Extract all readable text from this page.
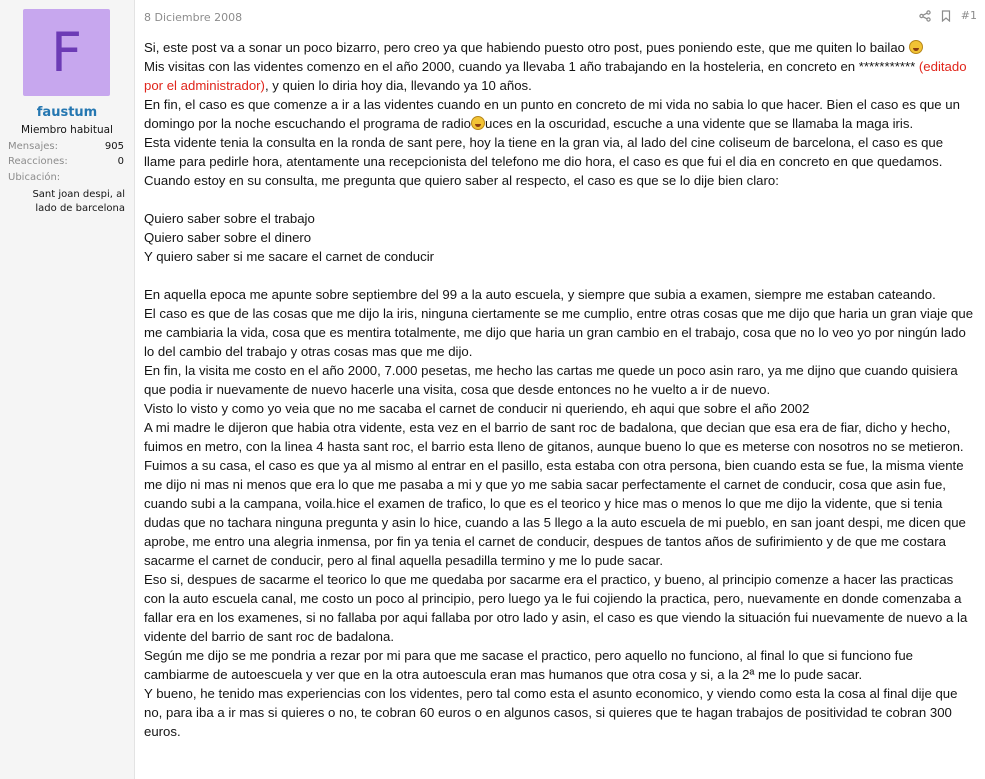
F
faustum
Miembro habitual
Mensajes:	905
Reacciones:	0
Ubicación:
Sant joan despi, al lado de barcelona
8 Diciembre 2008	#1

Si, este post va a sonar un poco bizarro, pero creo ya que habiendo puesto otro post, pues poniendo este, que me quiten lo bailao

Mis visitas con las videntes comenzo en el año 2000, cuando ya llevaba 1 año trabajando en la hosteleria, en concreto en *********** (editado por el administrador), y quien lo diria hoy dia, llevando ya 10 años.

En fin, el caso es que comenze a ir a las videntes cuando en un punto en concreto de mi vida no sabia lo que hacer. Bien el caso es que un domingo por la noche escuchando el programa de radio uces en la oscuridad, escuche a una vidente que se llamaba la maga iris.

Esta vidente tenia la consulta en la ronda de sant pere, hoy la tiene en la gran via, al lado del cine coliseum de barcelona, el caso es que llame para pedirle hora, atentamente una recepcionista del telefono me dio hora, el caso es que fui el dia en concreto en que quedamos.

Cuando estoy en su consulta, me pregunta que quiero saber al respecto, el caso es que se lo dije bien claro:

Quiero saber sobre el trabajo

Quiero saber sobre el dinero

Y quiero saber si me sacare el carnet de conducir

En aquella epoca me apunte sobre septiembre del 99 a la auto escuela, y siempre que subia a examen, siempre me estaban cateando.

El caso es que de las cosas que me dijo la iris, ninguna ciertamente se me cumplio, entre otras cosas que me dijo que haria un gran viaje que me cambiaria la vida, cosa que es mentira totalmente, me dijo que haria un gran cambio en el trabajo, cosa que no lo veo yo por ningún lado lo del cambio del trabajo y otras cosas mas que me dijo.

En fin, la visita me costo en el año 2000, 7.000 pesetas, me hecho las cartas me quede un poco asin raro, ya me dijno que cuando quisiera que podia ir nuevamente de nuevo hacerle una visita, cosa que desde entonces no he vuelto a ir de nuevo.

Visto lo visto y como yo veia que no me sacaba el carnet de conducir ni queriendo, eh aqui que sobre el año 2002

A mi madre le dijeron que habia otra vidente, esta vez en el barrio de sant roc de badalona, que decian que esa era de fiar, dicho y hecho, fuimos en metro, con la linea 4 hasta sant roc, el barrio esta lleno de gitanos, aunque bueno lo que es meterse con nosotros no se metieron.

Fuimos a su casa, el caso es que ya al mismo al entrar en el pasillo, esta estaba con otra persona, bien cuando esta se fue, la misma viente me dijo ni mas ni menos que era lo que me pasaba a mi y que yo me sabia sacar perfectamente el carnet de conducir, cosa que asin fue, cuando subi a la campana, voila.hice el examen de trafico, lo que es el teorico y hice mas o menos lo que me dijo la vidente, que si tenia dudas que no tachara ninguna pregunta y asin lo hice, cuando a las 5 llego a la auto escuela de mi pueblo, en san joant despi, me dicen que aprobe, me entro una alegria inmensa, por fin ya tenia el carnet de conducir, despues de tantos años de sufirimiento y de que me costara sacarme el carnet de conducir, pero al final aquella pesadilla termino y me lo pude sacar.

Eso si, despues de sacarme el teorico lo que me quedaba por sacarme era el practico, y bueno, al principio comenze a hacer las practicas con la auto escuela canal, me costo un poco al principio, pero luego ya le fui cojiendo la practica, pero, nuevamente en donde comenzaba a fallar era en los examenes, si no fallaba por aqui fallaba por otro lado y asin, el caso es que viendo la situación fui nuevamente de nuevo a la vidente del barrio de sant roc de badalona.

Según me dijo se me pondria a rezar por mi para que me sacase el practico, pero aquello no funciono, al final lo que si funciono fue cambiarme de autoescuela y ver que en la otra autoescula eran mas humanos que otra cosa y si, a la 2ª me lo pude sacar.

Y bueno, he tenido mas experiencias con los videntes, pero tal como esta el asunto economico, y viendo como esta la cosa al final dije que no, para iba a ir mas si quieres o no, te cobran 60 euros o en algunos casos, si quieres que te hagan trabajos de positividad te cobran 300 euros.
